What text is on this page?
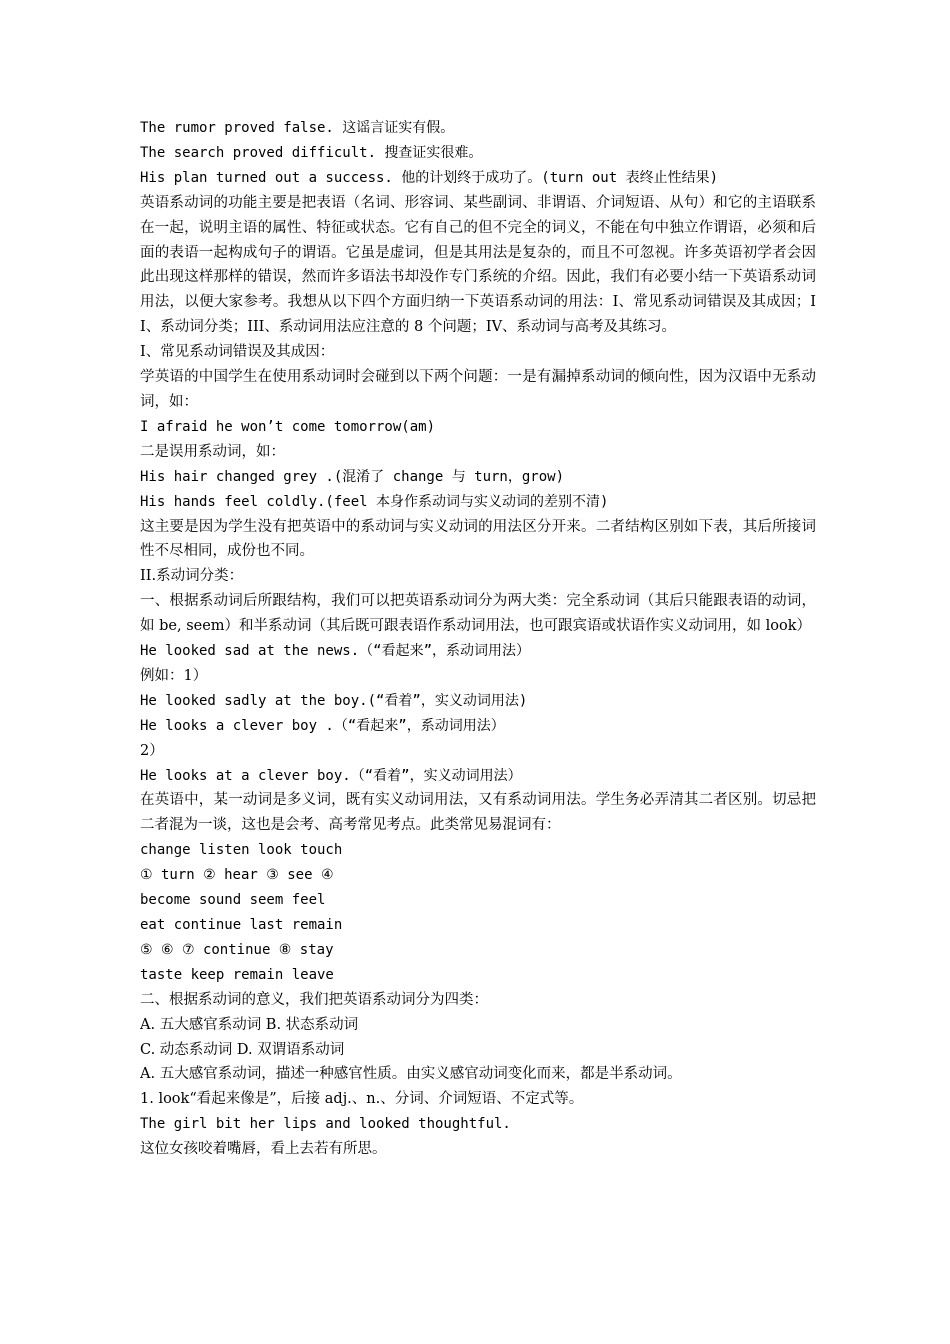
The rumor proved false. 这谣言证实有假。
The search proved difficult. 搜查证实很难。
His plan turned out a success. 他的计划终于成功了。(turn out 表终止性结果)
英语系动词的功能主要是把表语（名词、形容词、某些副词、非谓语、介词短语、从句）和它的主语联系在一起，说明主语的属性、特征或状态。它有自己的但不完全的词义，不能在句中独立作谓语，必须和后面的表语一起构成句子的谓语。它虽是虚词，但是其用法是复杂的，而且不可忽视。许多英语初学者会因此出现这样那样的错误，然而许多语法书却没作专门系统的介绍。因此，我们有必要小结一下英语系动词用法，以便大家参考。我想从以下四个方面归纳一下英语系动词的用法：I、常见系动词错误及其成因；II、系动词分类；III、系动词用法应注意的 8 个问题；IV、系动词与高考及其练习。
I、常见系动词错误及其成因：
学英语的中国学生在使用系动词时会碰到以下两个问题：一是有漏掉系动词的倾向性，因为汉语中无系动词，如：
I afraid he won’t come tomorrow(am)
二是误用系动词，如：
His hair changed grey .(混淆了 change 与 turn，grow)
His hands feel coldly.(feel 本身作系动词与实义动词的差别不清)
这主要是因为学生没有把英语中的系动词与实义动词的用法区分开来。二者结构区别如下表，其后所接词性不尽相同，成份也不同。
II.系动词分类：
一、根据系动词后所跟结构，我们可以把英语系动词分为两大类：完全系动词（其后只能跟表语的动词，如 be, seem）和半系动词（其后既可跟表语作系动词用法，也可跟宾语或状语作实义动词用，如 look）
He looked sad at the news.（“看起来”，系动词用法）
例如：1）
He looked sadly at the boy.(“看着”，实义动词用法)
He looks a clever boy .（“看起来”，系动词用法）
2）
He looks at a clever boy.（“看着”，实义动词用法）
在英语中，某一动词是多义词，既有实义动词用法，又有系动词用法。学生务必弄清其二者区别。切忌把二者混为一谈，这也是会考、高考常见考点。此类常见易混词有：
change listen look touch
① turn ② hear ③ see ④
become sound seem feel
eat continue last remain
⑤ ⑥ ⑦ continue ⑧ stay
taste keep remain leave
二、根据系动词的意义，我们把英语系动词分为四类：
A. 五大感官系动词 B. 状态系动词
C. 动态系动词 D. 双谓语系动词
A. 五大感官系动词，描述一种感官性质。由实义感官动词变化而来，都是半系动词。
1. look“看起来像是”，后接 adj.、n.、分词、介词短语、不定式等。
The girl bit her lips and looked thoughtful.
这位女孩咬着嘴唇，看上去若有所思。
